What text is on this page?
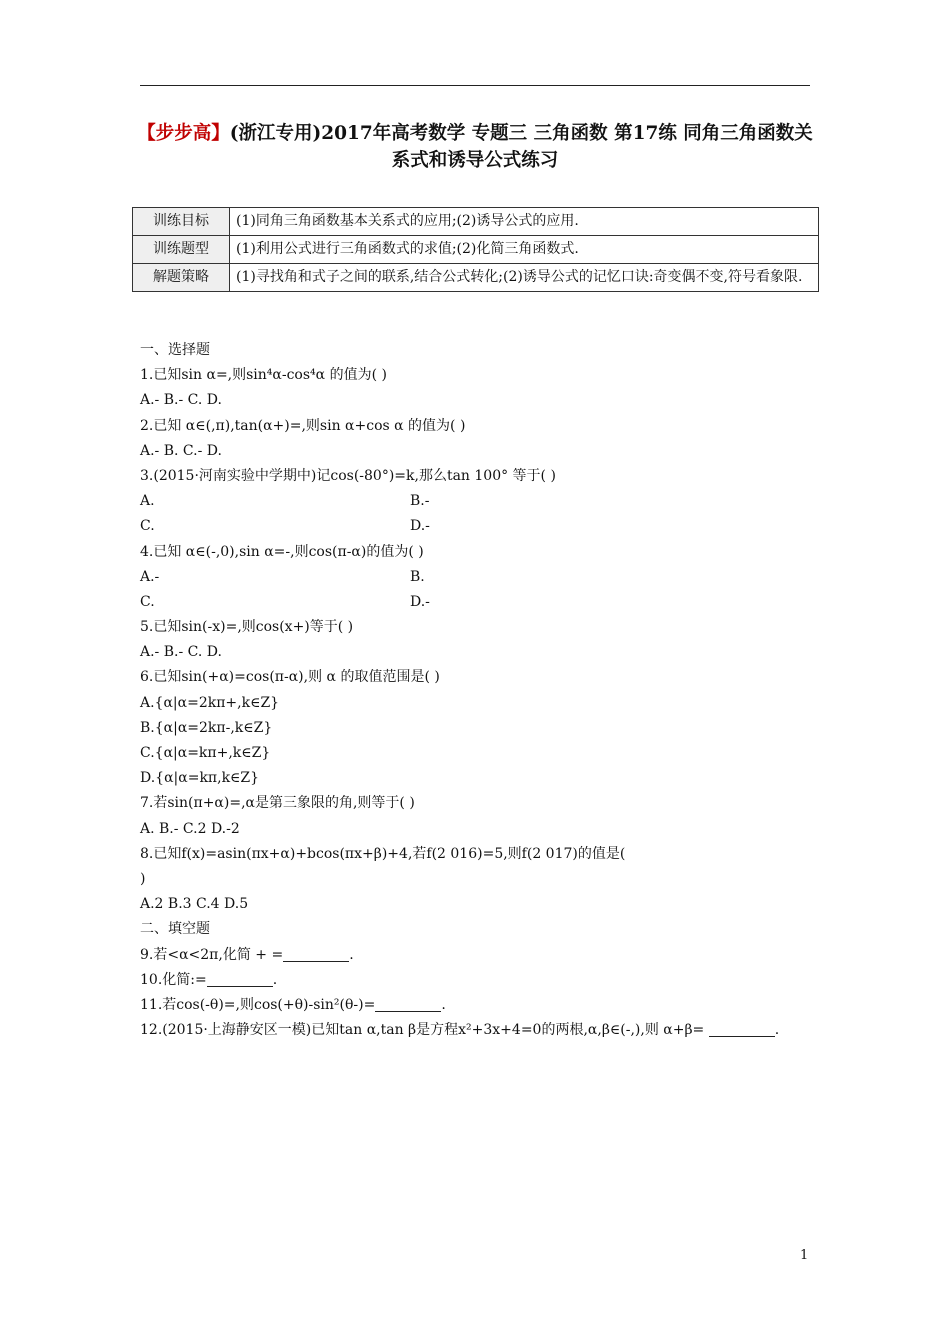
【步步高】(浙江专用)2017年高考数学 专题三 三角函数 第17练 同角三角函数关系式和诱导公式练习
训练目标	(1)同角三角函数基本关系式的应用;(2)诱导公式的应用.
训练题型	(1)利用公式进行三角函数式的求值;(2)化简三角函数式.
解题策略	(1)寻找角和式子之间的联系,结合公式转化;(2)诱导公式的记忆口诀:奇变偶不变,符号看象限.
一、选择题
1.已知sin α=,则sin⁴α-cos⁴α 的值为( )
A.- B.- C. D.
2.已知 α∈(,π),tan(α+)=,则sin α+cos α 的值为( )
A.- B. C.- D.
3.(2015·河南实验中学期中)记cos(-80°)=k,那么tan 100° 等于( )
A.	B.-
C.	D.-
4.已知 α∈(-,0),sin α=-,则cos(π-α)的值为( )
A.-	B.
C.	D.-
5.已知sin(-x)=,则cos(x+)等于( )
A.- B.- C. D.
6.已知sin(+α)=cos(π-α),则 α 的取值范围是( )
A.{α|α=2kπ+,k∈Z}
B.{α|α=2kπ-,k∈Z}
C.{α|α=kπ+,k∈Z}
D.{α|α=kπ,k∈Z}
7.若sin(π+α)=,α是第三象限的角,则等于( )
A. B.- C.2 D.-2
8.已知f(x)=asin(πx+α)+bcos(πx+β)+4,若f(2 016)=5,则f(2 017)的值是(
)
A.2 B.3 C.4 D.5
二、填空题
9.若<α<2π,化简 + =	.
10.化简:=	.
11.若cos(-θ)=,则cos(+θ)-sin²(θ-)=	.
12.(2015·上海静安区一模)已知tan α,tan β是方程x²+3x+4=0的两根,α,β∈(-,),则 α+β=	.
1
